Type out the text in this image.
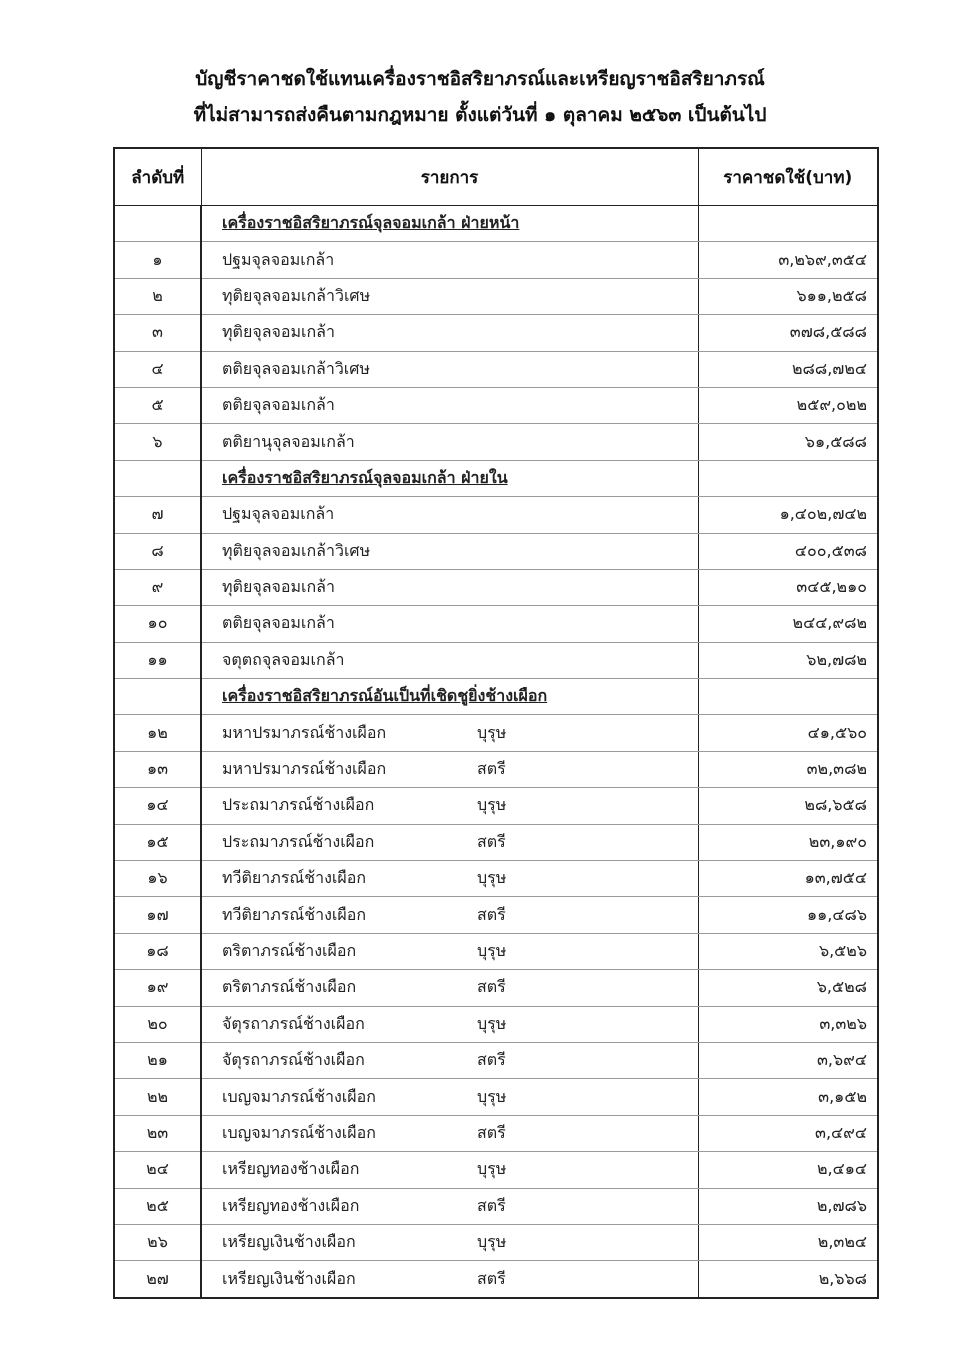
บัญชีราคาชดใช้แทนเครื่องราชอิสริยาภรณ์และเหรียญราชอิสริยาภรณ์
ที่ไม่สามารถส่งคืนตามกฎหมาย ตั้งแต่วันที่ ๑ ตุลาคม ๒๕๖๓ เป็นต้นไป
ลำดับที่	รายการ	ราคาชดใช้(บาท)
	เครื่องราชอิสริยาภรณ์จุลจอมเกล้า ฝ่ายหน้า	
๑	ปฐมจุลจอมเกล้า	๓,๒๖๙,๓๕๔
๒	ทุติยจุลจอมเกล้าวิเศษ	๖๑๑,๒๕๘
๓	ทุติยจุลจอมเกล้า	๓๗๘,๕๘๘
๔	ตติยจุลจอมเกล้าวิเศษ	๒๘๘,๗๒๔
๕	ตติยจุลจอมเกล้า	๒๕๙,๐๒๒
๖	ตติยานุจุลจอมเกล้า	๖๑,๕๘๘
	เครื่องราชอิสริยาภรณ์จุลจอมเกล้า ฝ่ายใน	
๗	ปฐมจุลจอมเกล้า	๑,๔๐๒,๗๔๒
๘	ทุติยจุลจอมเกล้าวิเศษ	๔๐๐,๕๓๘
๙	ทุติยจุลจอมเกล้า	๓๔๕,๒๑๐
๑๐	ตติยจุลจอมเกล้า	๒๔๔,๙๘๒
๑๑	จตุตถจุลจอมเกล้า	๖๒,๗๘๒
	เครื่องราชอิสริยาภรณ์อันเป็นที่เชิดชูยิ่งช้างเผือก	
๑๒	มหาปรมาภรณ์ช้างเผือก บุรุษ	๔๑,๕๖๐
๑๓	มหาปรมาภรณ์ช้างเผือก สตรี	๓๒,๓๘๒
๑๔	ประถมาภรณ์ช้างเผือก บุรุษ	๒๘,๖๕๘
๑๕	ประถมาภรณ์ช้างเผือก สตรี	๒๓,๑๙๐
๑๖	ทวีติยาภรณ์ช้างเผือก บุรุษ	๑๓,๗๕๔
๑๗	ทวีติยาภรณ์ช้างเผือก สตรี	๑๑,๔๘๖
๑๘	ตริตาภรณ์ช้างเผือก บุรุษ	๖,๕๒๖
๑๙	ตริตาภรณ์ช้างเผือก สตรี	๖,๕๒๘
๒๐	จัตุรถาภรณ์ช้างเผือก บุรุษ	๓,๓๒๖
๒๑	จัตุรถาภรณ์ช้างเผือก สตรี	๓,๖๙๔
๒๒	เบญจมาภรณ์ช้างเผือก บุรุษ	๓,๑๕๒
๒๓	เบญจมาภรณ์ช้างเผือก สตรี	๓,๔๙๔
๒๔	เหรียญทองช้างเผือก บุรุษ	๒,๔๑๔
๒๕	เหรียญทองช้างเผือก สตรี	๒,๗๘๖
๒๖	เหรียญเงินช้างเผือก บุรุษ	๒,๓๒๔
๒๗	เหรียญเงินช้างเผือก สตรี	๒,๖๖๘
